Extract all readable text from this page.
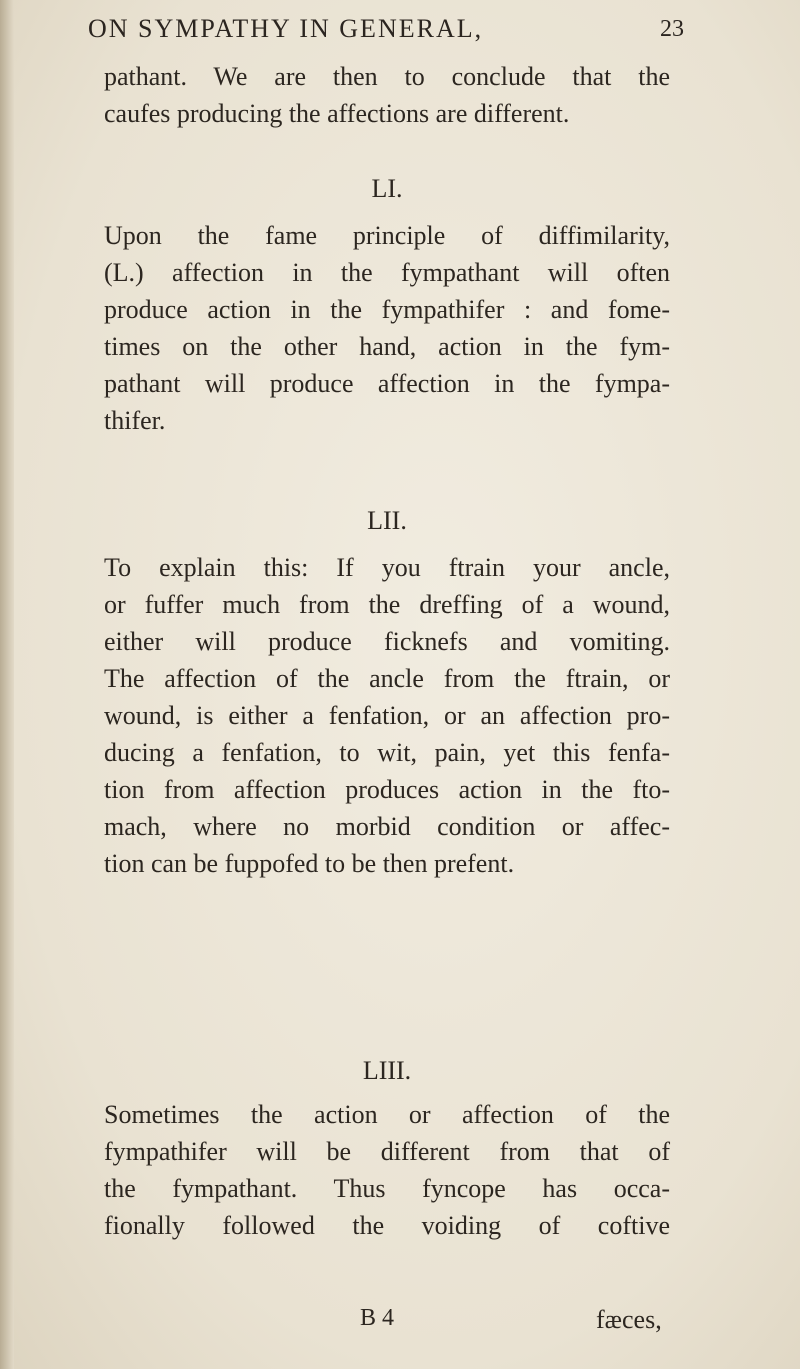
ON SYMPATHY IN GENERAL,	23
pathant. We are then to conclude that the
caufes producing the affections are different.
LI.
Upon the fame principle of diffimilarity,
(L.) affection in the fympathant will often
produce action in the fympathifer : and fome-
times on the other hand, action in the fym-
pathant will produce affection in the fympa-
thifer.
LII.
To explain this: If you ftrain your ancle,
or fuffer much from the dreffing of a wound,
either will produce ficknefs and vomiting.
The affection of the ancle from the ftrain, or
wound, is either a fenfation, or an affection pro-
ducing a fenfation, to wit, pain, yet this fenfa-
tion from affection produces action in the fto-
mach, where no morbid condition or affec-
tion can be fuppofed to be then prefent.
LIII.
Sometimes the action or affection of the
fympathifer will be different from that of
the fympathant. Thus fyncope has occa-
fionally followed the voiding of coftive
B 4	fæces,
